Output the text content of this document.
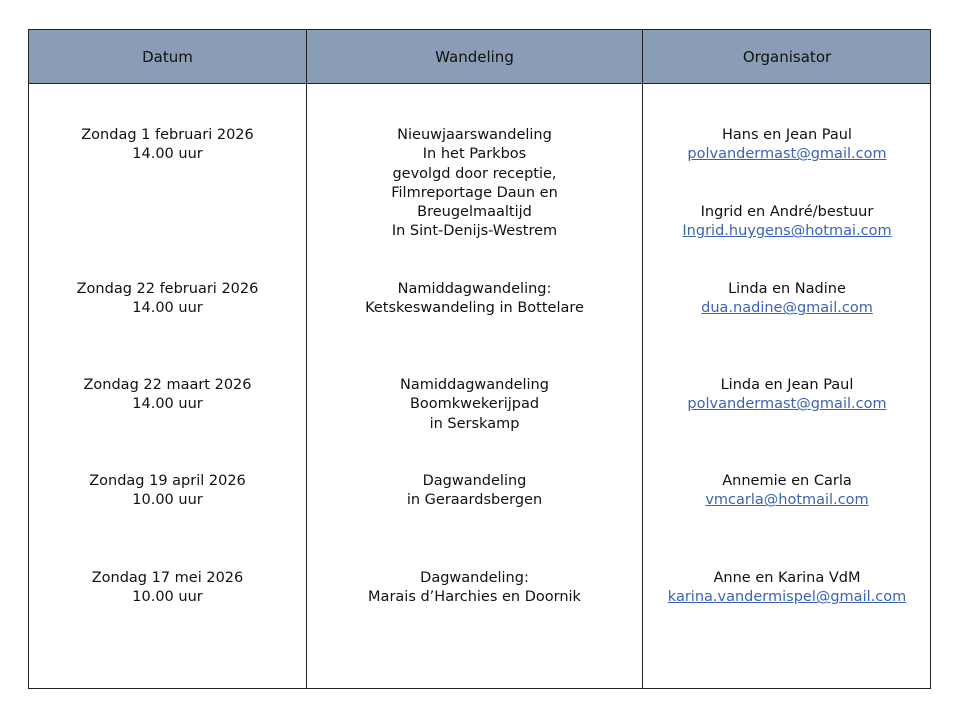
Datum	Wandeling	Organisator
Zondag 1 februari 2026
14.00 uur
Nieuwjaarswandeling
In het Parkbos
gevolgd door receptie,
Filmreportage Daun en
Breugelmaaltijd
In Sint-Denijs-Westrem
Hans en Jean Paul
polvandermast@gmail.com
Ingrid en André/bestuur
Ingrid.huygens@hotmai.com
Zondag 22 februari 2026
14.00 uur
Namiddagwandeling:
Ketskeswandeling in Bottelare
Linda en Nadine
dua.nadine@gmail.com
Zondag 22 maart 2026
14.00 uur
Namiddagwandeling
Boomkwekerijpad
in Serskamp
Linda en Jean Paul
polvandermast@gmail.com
Zondag 19 april 2026
10.00 uur
Dagwandeling
in Geraardsbergen
Annemie en Carla
vmcarla@hotmail.com
Zondag 17 mei 2026
10.00 uur
Dagwandeling:
Marais d’Harchies en Doornik
Anne en Karina VdM
karina.vandermispel@gmail.com
